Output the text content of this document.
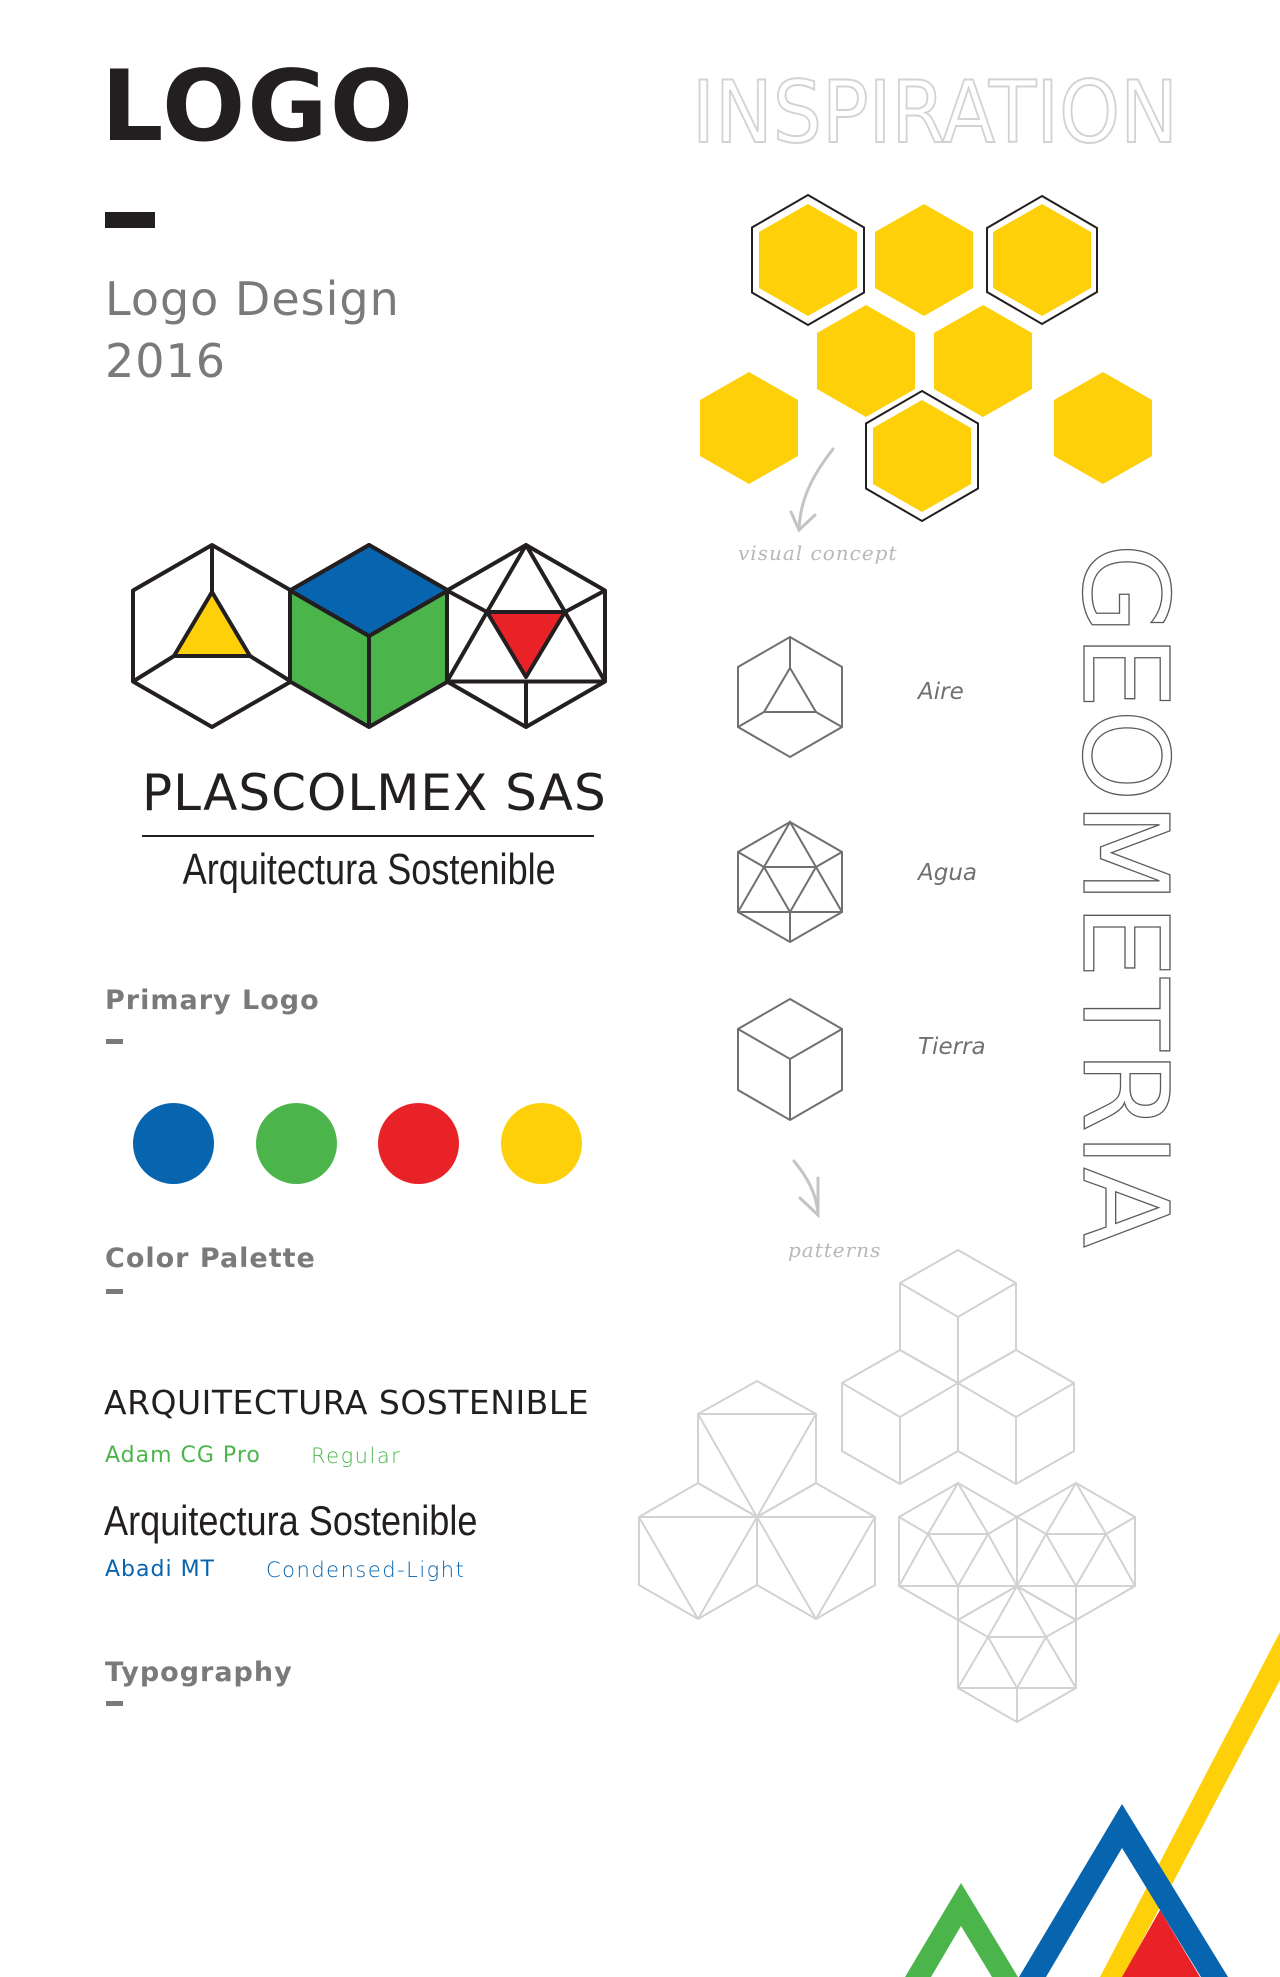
INSPIRATION
GEOMETRIA
LOGO
Logo Design
2016
PLASCOLMEX SAS
Arquitectura Sostenible
Primary Logo
Color Palette
ARQUITECTURA SOSTENIBLE
Adam CG Pro Regular
Arquitectura Sostenible
Abadi MT Condensed-Light
Typography
visual concept
Aire
Agua
Tierra
patterns
